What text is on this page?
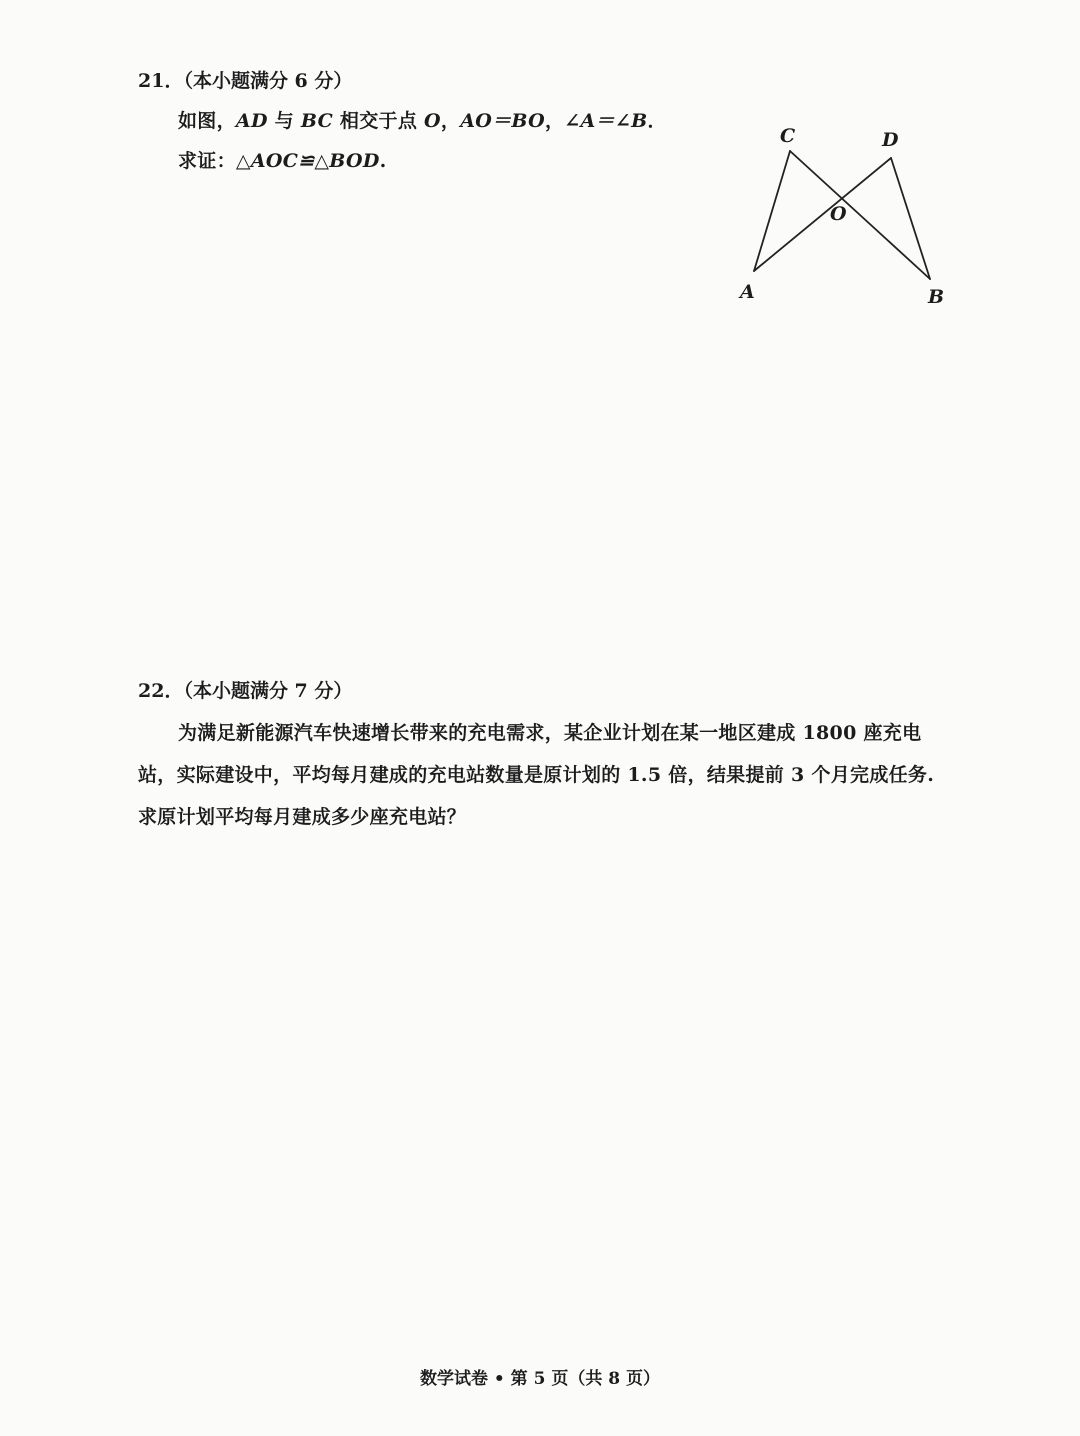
21．（本小题满分 6 分）
如图，AD 与 BC 相交于点 O，AO＝BO，∠A＝∠B．
求证：△AOC≌△BOD.
C	D
O
A	B
22．（本小题满分 7 分）
为满足新能源汽车快速增长带来的充电需求，某企业计划在某一地区建成 1800 座充电
站，实际建设中，平均每月建成的充电站数量是原计划的 1.5 倍，结果提前 3 个月完成任务.
求原计划平均每月建成多少座充电站？
数学试卷 • 第 5 页（共 8 页）
